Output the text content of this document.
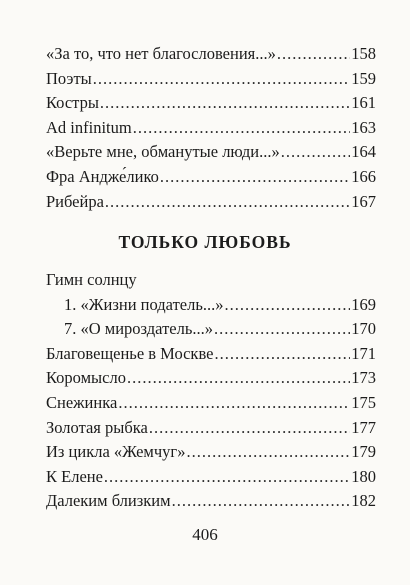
«За то, что нет благословения...» .....	158
Поэты .....	159
Костры .....	161
Ad infinitum .....	163
«Верьте мне, обманутые люди...» .....	164
Фра Андже́лико .....	166
Рибейра .....	167
ТОЛЬКО ЛЮБОВЬ
Гимн солнцу
1. «Жизни податель...» .....	169
7. «О мироздатель...» .....	170
Благовещенье в Москве .....	171
Коромысло .....	173
Снежинка .....	175
Золотая рыбка .....	177
Из цикла «Жемчуг» .....	179
К Елене .....	180
Далеким близким .....	182
406
